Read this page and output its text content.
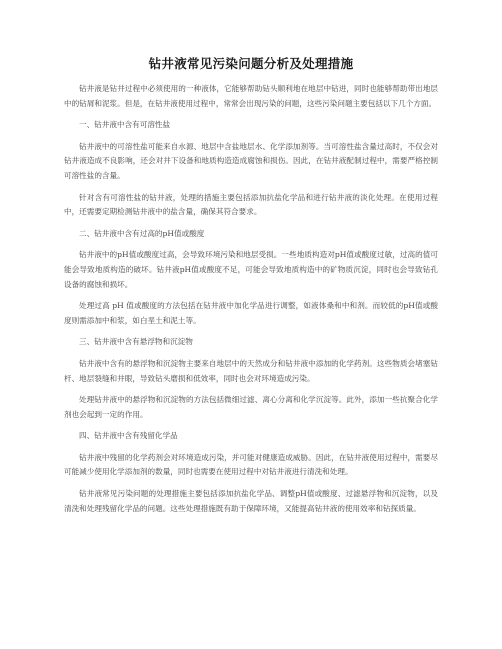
钻井液常见污染问题分析及处理措施

钻井液是钻井过程中必须使用的一种液体，它能够帮助钻头顺利地在地层中钻进，同时也能够帮助带出地层中的钻屑和泥浆。但是，在钻井液使用过程中，常常会出现污染的问题，这些污染问题主要包括以下几个方面。

一、钻井液中含有可溶性盐

钻井液中的可溶性盐可能来自水源、地层中含盐地层水、化学添加剂等。当可溶性盐含量过高时，不仅会对钻井液造成不良影响，还会对井下设备和地质构造造成腐蚀和损伤。因此，在钻井液配制过程中，需要严格控制可溶性盐的含量。

针对含有可溶性盐的钻井液，处理的措施主要包括添加抗盐化学品和进行钻井液的淡化处理。在使用过程中，还需要定期检测钻井液中的盐含量，确保其符合要求。

二、钻井液中含有过高的pH值或酸度

钻井液中的pH值或酸度过高，会导致环境污染和地层受损。一些地质构造对pH值或酸度过敏，过高的值可能会导致地质构造的破坏。钻井液pH值或酸度不足，可能会导致地质构造中的矿物质沉淀，同时也会导致钻孔设备的腐蚀和损坏。

处理过高 pH 值或酸度的方法包括在钻井液中加化学品进行调整，如液体桑和中和剂。而较低的pH值或酸度则需添加中和浆，如白垩土和泥土等。

三、钻井液中含有悬浮物和沉淀物

钻井液中含有的悬浮物和沉淀物主要来自地层中的天然成分和钻井液中添加的化学药剂。这些物质会堵塞钻杆、地层裂缝和井眼，导致钻头磨损和低效率，同时也会对环境造成污染。

处理钻井液中的悬浮物和沉淀物的方法包括微细过滤、离心分离和化学沉淀等。此外，添加一些抗聚合化学剂也会起到一定的作用。

四、钻井液中含有残留化学品

钻井液中残留的化学药剂会对环境造成污染，并可能对健康造成威胁。因此，在钻井液使用过程中，需要尽可能减少使用化学添加剂的数量，同时也需要在使用过程中对钻井液进行清洗和处理。

钻井液常见污染问题的处理措施主要包括添加抗盐化学品、调整pH值或酸度、过滤悬浮物和沉淀物，以及清洗和处理残留化学品的问题。这些处理措施既有助于保障环境，又能提高钻井液的使用效率和钻探质量。
